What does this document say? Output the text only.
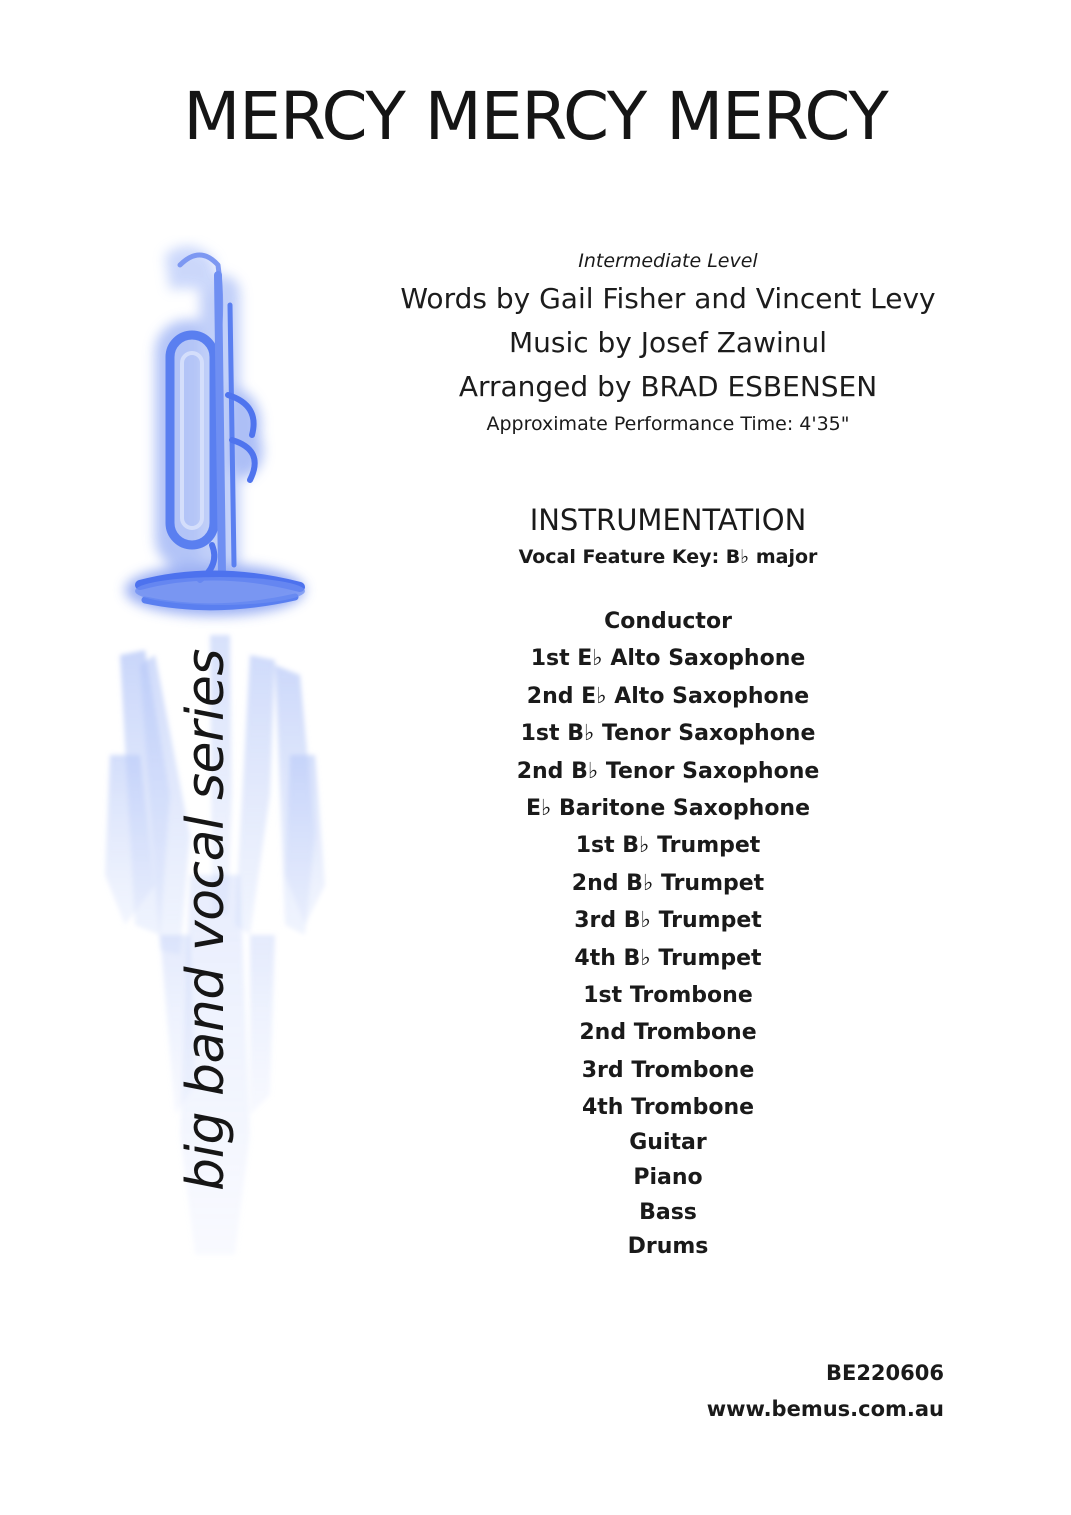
MERCY MERCY MERCY
big band vocal series
Intermediate Level
Words by Gail Fisher and Vincent Levy
Music by Josef Zawinul
Arranged by BRAD ESBENSEN
Approximate Performance Time: 4'35"
INSTRUMENTATION
Vocal Feature Key: B♭ major
Conductor
1st E♭ Alto Saxophone
2nd E♭ Alto Saxophone
1st B♭ Tenor Saxophone
2nd B♭ Tenor Saxophone
E♭ Baritone Saxophone
1st B♭ Trumpet
2nd B♭ Trumpet
3rd B♭ Trumpet
4th B♭ Trumpet
1st Trombone
2nd Trombone
3rd Trombone
4th Trombone
Guitar
Piano
Bass
Drums
BE220606
www.bemus.com.au
